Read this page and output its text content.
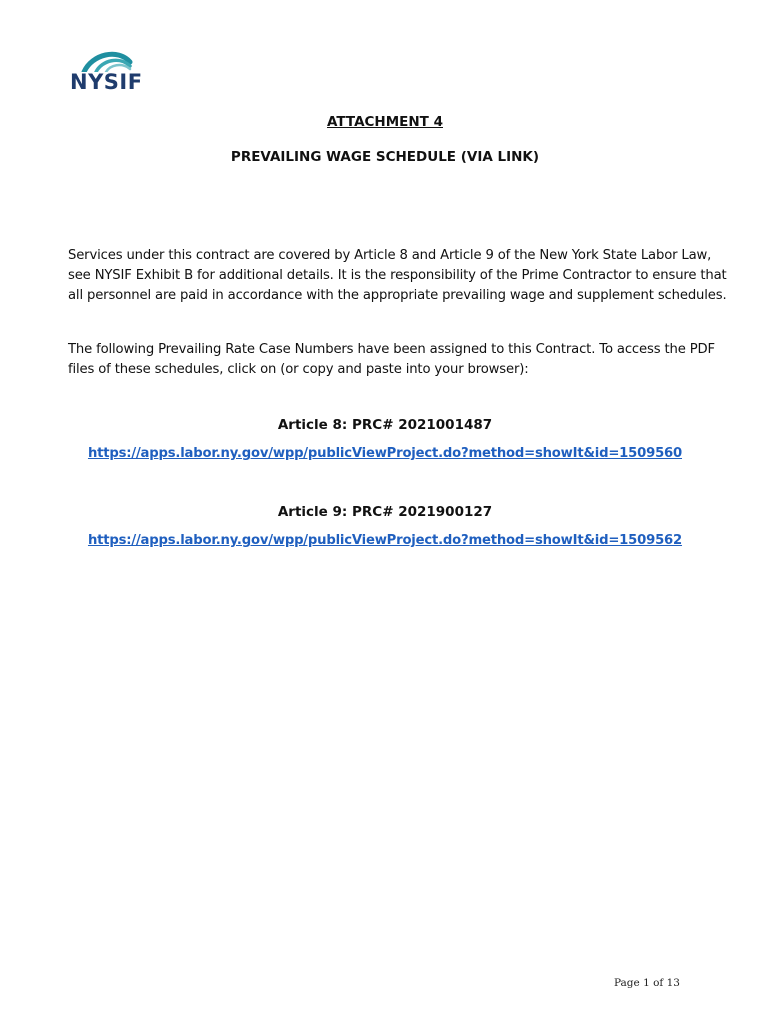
NYSIF
ATTACHMENT 4
PREVAILING WAGE SCHEDULE (VIA LINK)
Services under this contract are covered by Article 8 and Article 9 of the New York State Labor Law,
see NYSIF Exhibit B for additional details. It is the responsibility of the Prime Contractor to ensure that
all personnel are paid in accordance with the appropriate prevailing wage and supplement schedules.
The following Prevailing Rate Case Numbers have been assigned to this Contract. To access the PDF
files of these schedules, click on (or copy and paste into your browser):
Article 8: PRC# 2021001487
https://apps.labor.ny.gov/wpp/publicViewProject.do?method=showIt&id=1509560
Article 9: PRC# 2021900127
https://apps.labor.ny.gov/wpp/publicViewProject.do?method=showIt&id=1509562
Page 1 of 13
